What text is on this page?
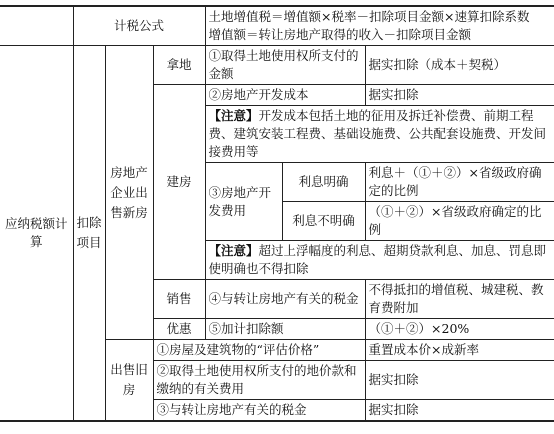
	计税公式			土地增值税＝增值额×税率－扣除项目金额×速算扣除系数
增值额＝转让房地产取得的收入－扣除项目金额		

应纳税额计算	扣除项目	房地产企业出售新房	拿地	①取得土地使用权所支付的金额		据实扣除（成本＋契税）
			建房	②房地产开发成本		据实扣除
				【注意】开发成本包括土地的征用及拆迁补偿费、前期工程费、建筑安装工程费、基础设施费、公共配套设施费、开发间接费用等		
				③房地产开发费用	利息明确	利息＋（①＋②）×省级政府确定的比例
					利息不明确	（①＋②）×省级政府确定的比例
				【注意】超过上浮幅度的利息、超期贷款利息、加息、罚息即使明确也不得扣除		
			销售	④与转让房地产有关的税金		不得抵扣的增值税、城建税、教育费附加
			优惠	⑤加计扣除额		（①＋②）×20%
		出售旧房	①房屋及建筑物的“评估价格”			重置成本价×成新率
			②取得土地使用权所支付的地价款和缴纳的有关费用			据实扣除
			③与转让房地产有关的税金			据实扣除
